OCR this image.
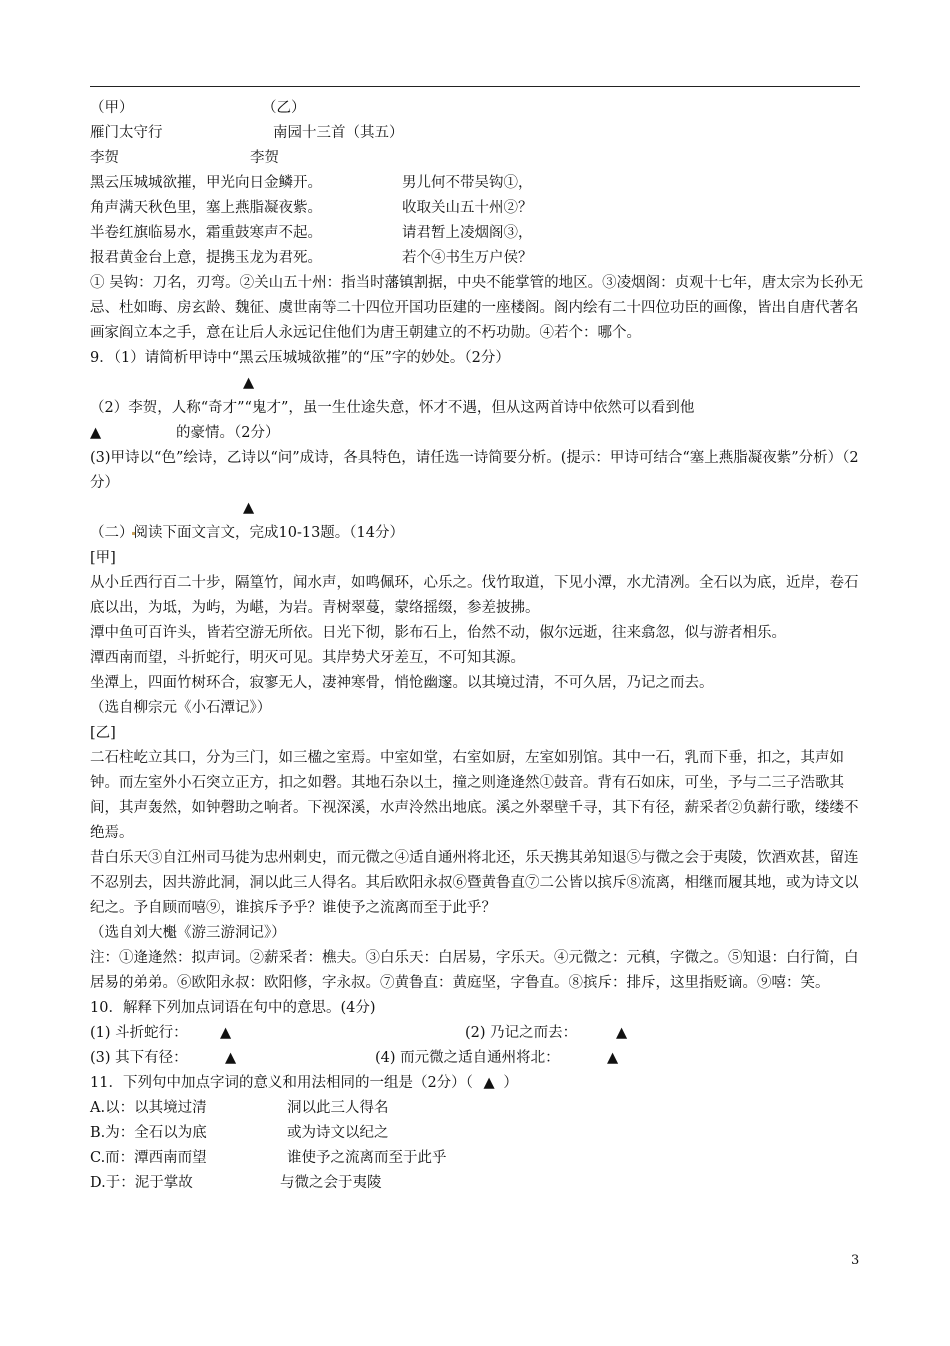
（甲）	（乙）
雁门太守行	南园十三首（其五）
李贺	李贺
黑云压城城欲摧，甲光向日金鳞开。	男儿何不带吴钩①，
角声满天秋色里，塞上燕脂凝夜紫。	收取关山五十州②？
半卷红旗临易水，霜重鼓寒声不起。	请君暂上凌烟阁③，
报君黄金台上意，提携玉龙为君死。	若个④书生万户侯？
① 吴钩：刀名，刃弯。②关山五十州：指当时藩镇割据，中央不能掌管的地区。③凌烟阁：贞观十七年，唐太宗为长孙无忌、杜如晦、房玄龄、魏征、虞世南等二十四位开国功臣建的一座楼阁。阁内绘有二十四位功臣的画像，皆出自唐代著名画家阎立本之手，意在让后人永远记住他们为唐王朝建立的不朽功勋。④若个：哪个。
9．（1）请简析甲诗中“黑云压城城欲摧”的“压”字的妙处。（2分）
▲
（2）李贺，人称“奇才”“鬼才”，虽一生仕途失意，怀才不遇，但从这两首诗中依然可以看到他
▲	的豪情。（2分）
(3)甲诗以“色”绘诗，乙诗以“问”成诗，各具特色，请任选一诗简要分析。(提示：甲诗可结合“塞上燕脂凝夜紫”分析）（2分）
▲
（二）阅读下面文言文，完成10-13题。（14分）
[甲]
从小丘西行百二十步，隔篁竹，闻水声，如鸣佩环，心乐之。伐竹取道，下见小潭，水尤清冽。全石以为底，近岸，卷石底以出，为坻，为屿，为嵁，为岩。青树翠蔓，蒙络摇缀，参差披拂。
潭中鱼可百许头，皆若空游无所依。日光下彻，影布石上，佁然不动，俶尔远逝，往来翕忽，似与游者相乐。
潭西南而望，斗折蛇行，明灭可见。其岸势犬牙差互，不可知其源。
坐潭上，四面竹树环合，寂寥无人，凄神寒骨，悄怆幽邃。以其境过清，不可久居，乃记之而去。
（选自柳宗元《小石潭记》）
[乙]
二石柱屹立其口，分为三门，如三楹之室焉。中室如堂，右室如厨，左室如别馆。其中一石，乳而下垂，扣之，其声如钟。而左室外小石突立正方，扣之如磬。其地石杂以土，撞之则逄逄然①鼓音。背有石如床，可坐，予与二三子浩歌其间，其声轰然，如钟磬助之响者。下视深溪，水声泠然出地底。溪之外翠壁千寻，其下有径，薪采者②负薪行歌，缕缕不绝焉。
昔白乐天③自江州司马徙为忠州刺史，而元微之④适自通州将北还，乐天携其弟知退⑤与微之会于夷陵，饮酒欢甚，留连不忍别去，因共游此洞，洞以此三人得名。其后欧阳永叔⑥暨黄鲁直⑦二公皆以摈斥⑧流离，相继而履其地，或为诗文以纪之。予自顾而嘻⑨，谁摈斥予乎？谁使予之流离而至于此乎？
（选自刘大櫆《游三游洞记》）
注：①逄逄然：拟声词。②薪采者：樵夫。③白乐天：白居易，字乐天。④元微之：元稹，字微之。⑤知退：白行简，白居易的弟弟。⑥欧阳永叔：欧阳修，字永叔。⑦黄鲁直：黄庭坚，字鲁直。⑧摈斥：排斥，这里指贬谪。⑨嘻：笑。
10．解释下列加点词语在句中的意思。(4分)
(1) 斗折蛇行： ▲	(2) 乃记之而去：	▲
(3) 其下有径：	▲	(4) 而元微之适自通州将北：	▲
11．下列句中加点字词的意义和用法相同的一组是（2分）（ ▲ ）
A.以：以其境过清	洞以此三人得名
B.为：全石以为底	或为诗文以纪之
C.而：潭西南而望	谁使予之流离而至于此乎
D.于：泥于掌故	与微之会于夷陵
3
